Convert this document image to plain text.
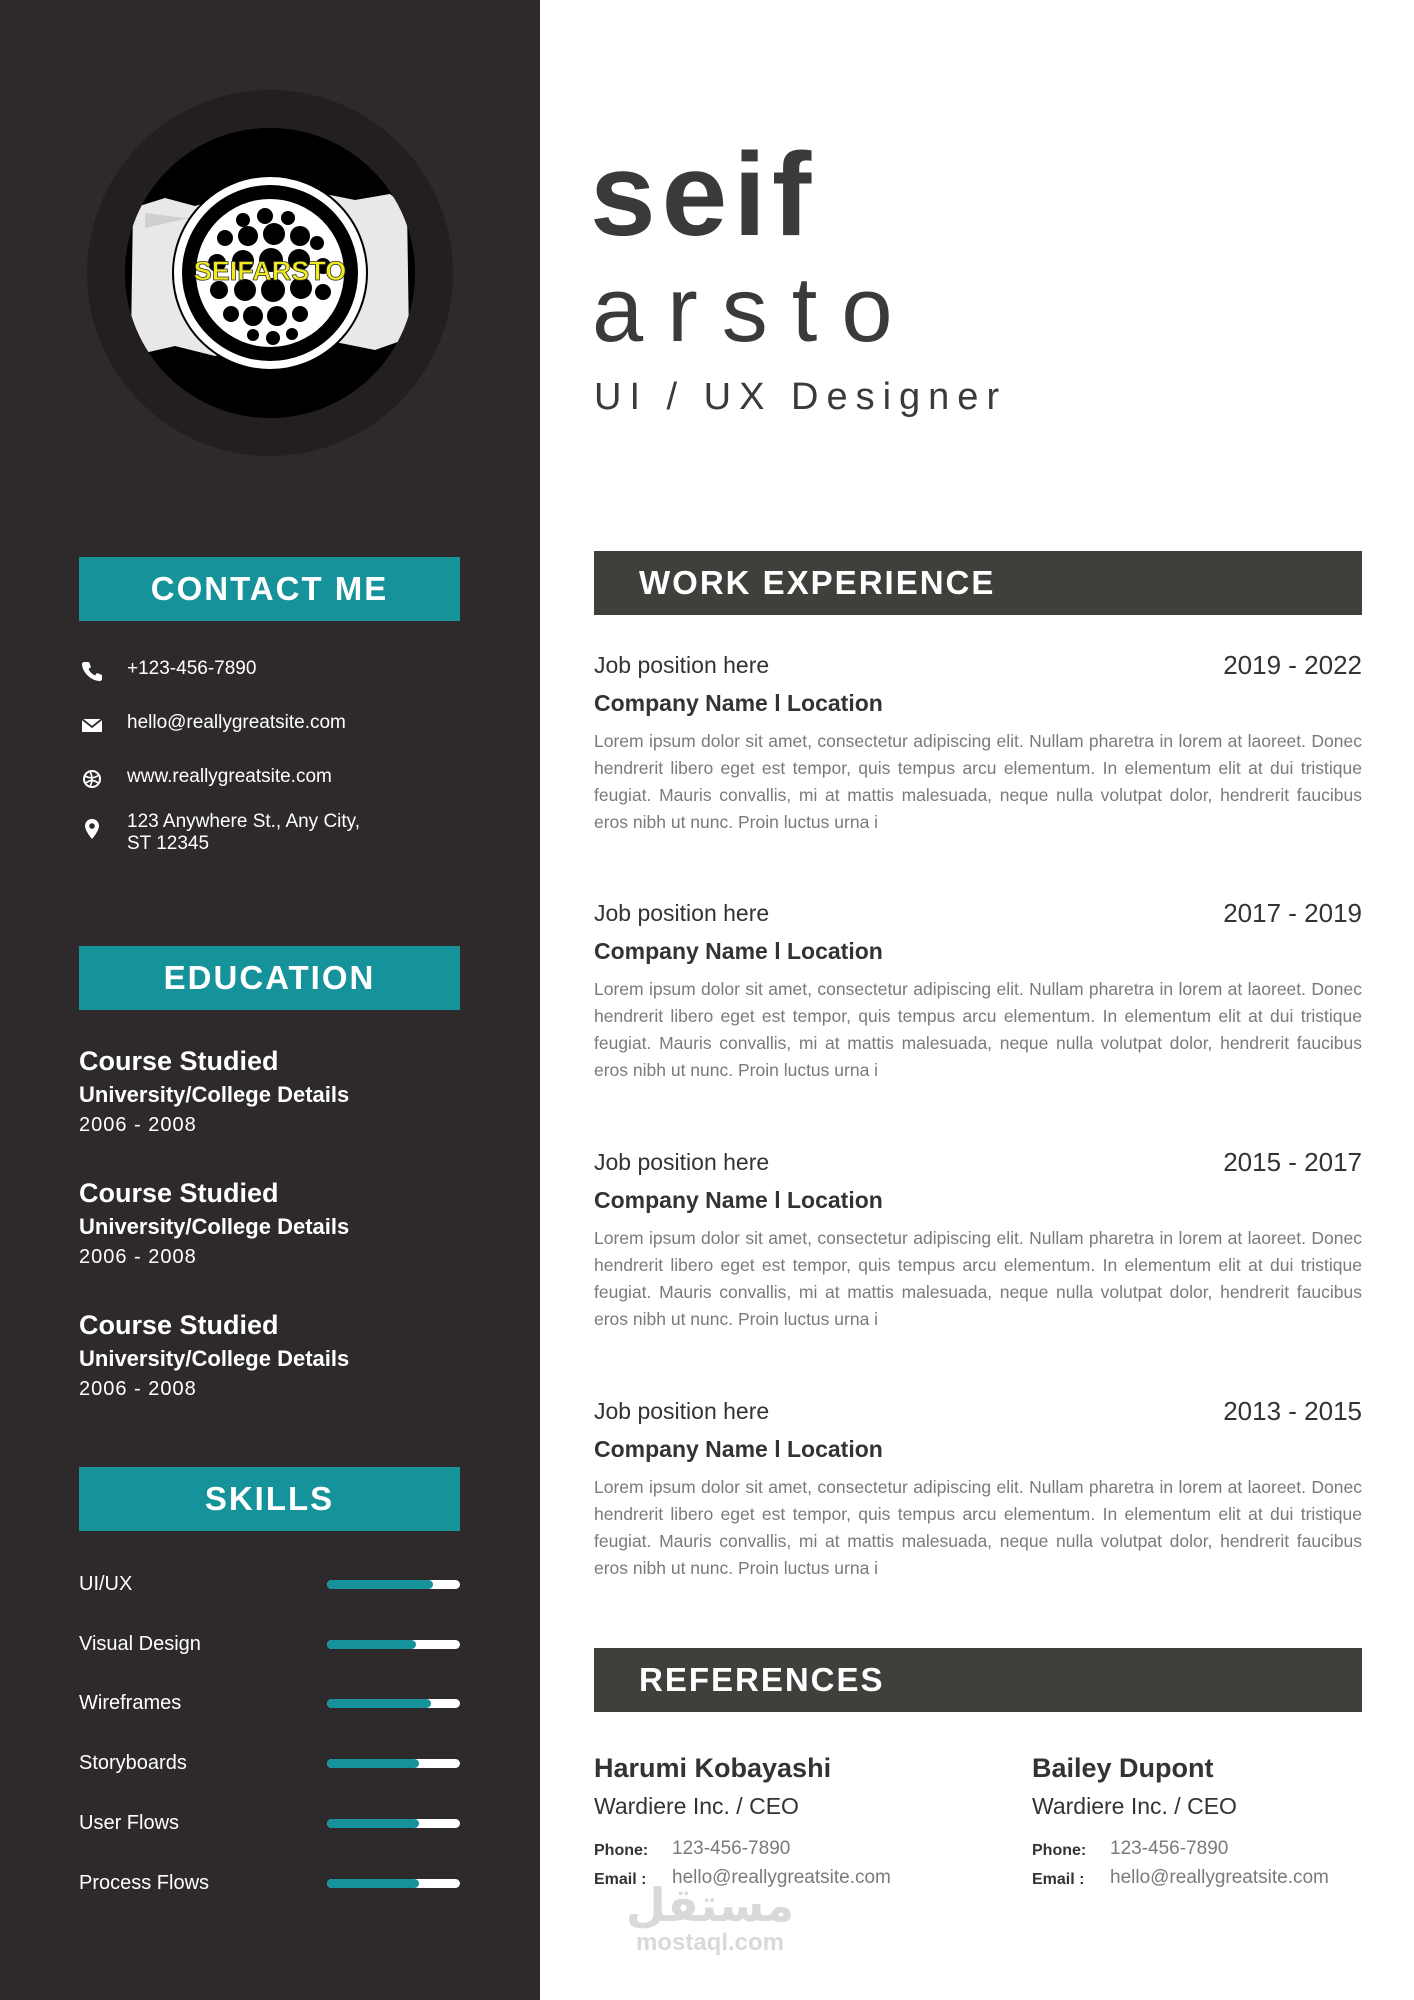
SEIFARSTO
CONTACT ME
+123-456-7890
hello@reallygreatsite.com
www.reallygreatsite.com
123 Anywhere St., Any City,
ST 12345
EDUCATION
Course Studied
University/College Details
2006 - 2008
Course Studied
University/College Details
2006 - 2008
Course Studied
University/College Details
2006 - 2008
SKILLS
UI/UX
Visual Design
Wireframes
Storyboards
User Flows
Process Flows
seif
arsto
UI / UX Designer
WORK EXPERIENCE
Job position here	2019 - 2022
Company Name l Location
Lorem ipsum dolor sit amet, consectetur adipiscing elit. Nullam pharetra in lorem at laoreet. Donec hendrerit libero eget est tempor, quis tempus arcu elementum. In elementum elit at dui tristique feugiat. Mauris convallis, mi at mattis malesuada, neque nulla volutpat dolor, hendrerit faucibus eros nibh ut nunc. Proin luctus urna i
Job position here	2017 - 2019
Company Name l Location
Lorem ipsum dolor sit amet, consectetur adipiscing elit. Nullam pharetra in lorem at laoreet. Donec hendrerit libero eget est tempor, quis tempus arcu elementum. In elementum elit at dui tristique feugiat. Mauris convallis, mi at mattis malesuada, neque nulla volutpat dolor, hendrerit faucibus eros nibh ut nunc. Proin luctus urna i
Job position here	2015 - 2017
Company Name l Location
Lorem ipsum dolor sit amet, consectetur adipiscing elit. Nullam pharetra in lorem at laoreet. Donec hendrerit libero eget est tempor, quis tempus arcu elementum. In elementum elit at dui tristique feugiat. Mauris convallis, mi at mattis malesuada, neque nulla volutpat dolor, hendrerit faucibus eros nibh ut nunc. Proin luctus urna i
Job position here	2013 - 2015
Company Name l Location
Lorem ipsum dolor sit amet, consectetur adipiscing elit. Nullam pharetra in lorem at laoreet. Donec hendrerit libero eget est tempor, quis tempus arcu elementum. In elementum elit at dui tristique feugiat. Mauris convallis, mi at mattis malesuada, neque nulla volutpat dolor, hendrerit faucibus eros nibh ut nunc. Proin luctus urna i
REFERENCES
Harumi Kobayashi
Wardiere Inc. / CEO
Phone: 123-456-7890
Email : hello@reallygreatsite.com
Bailey Dupont
Wardiere Inc. / CEO
Phone: 123-456-7890
Email : hello@reallygreatsite.com
مستقل
mostaql.com
